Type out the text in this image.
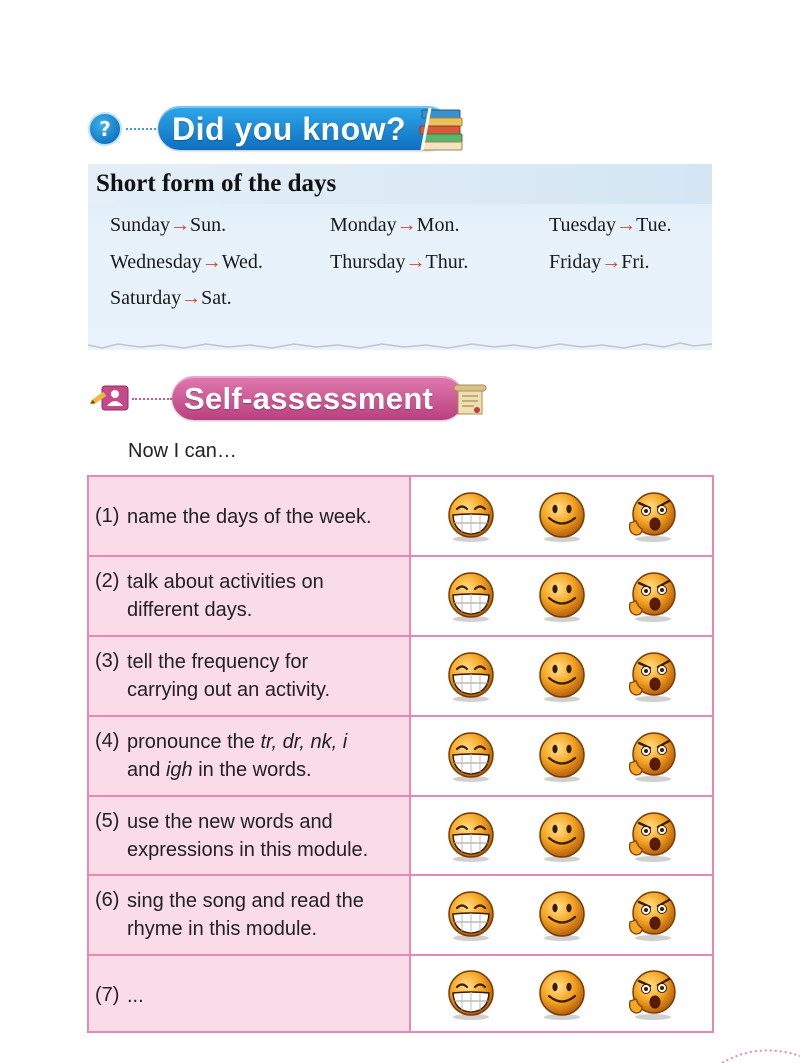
?	Did you know?
Short form of the days
Sunday→Sun.	Monday→Mon.	Tuesday→Tue.
Wednesday→Wed.	Thursday→Thur.	Friday→Fri.
Saturday→Sat.
Self-assessment
Now I can…
(1) name the days of the week.
(2) talk about activities on
different days.
(3) tell the frequency for
carrying out an activity.
(4) pronounce the tr, dr, nk, i
and igh in the words.
(5) use the new words and
expressions in this module.
(6) sing the song and read the
rhyme in this module.
(7) ...
